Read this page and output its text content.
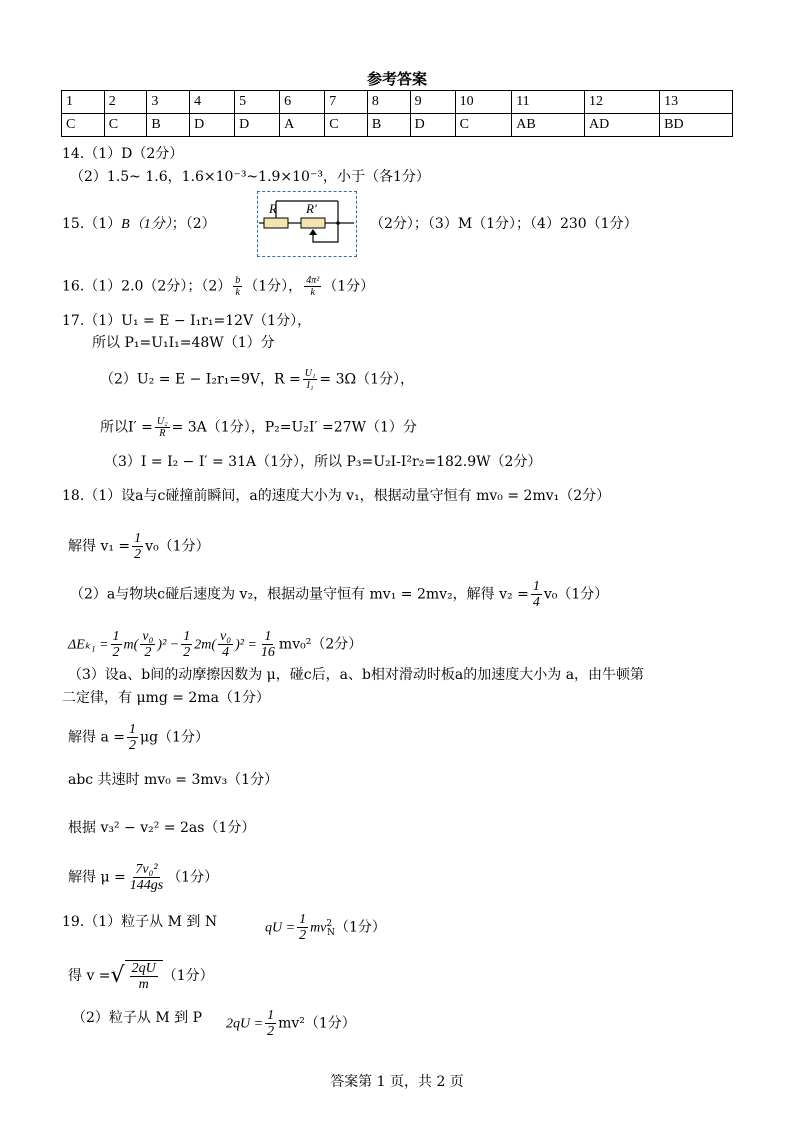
参考答案
1	2	3	4	5	6	7	8	9	10	11	12	13
C	C	B	D	D	A	C	B	D	C	AB	AD	BD
14.（1）D（2分）
（2）1.5~ 1.6，1.6×10⁻³~1.9×10⁻³，小于（各1分）
15.（1）B（1分）；（2）
R R′
（2分）；（3）M（1分）；（4）230（1分）
16.（1）2.0（2分）；$(2) \frac{b}{k} (1$分）， $\frac{\text{4π²}}{k} (1$分）
17.（1）U₁ = E − I₁r₁=12V（1分），
所以 P₁=U₁I₁=48W（1）分
（2）U₂ = E − I₂r₁=9V，$R = \frac{\text{U₁}}{\text{I₁}} = 3\Omega(1$分），
所以$I' = \frac{\text{U₂}}{R} = 3A(1$分），P₂=U₂I′ =27W（1）分
（3）I = I₂ − I′ = 31A（1分），所以 P₃=U₂I-I²r₂=182.9W（2分）
18.（1）设a与c碰撞前瞬间，a的速度大小为 v₁，根据动量守恒有 mv₀ = 2mv₁（2分）
解得 $v_1 = \frac{1}{2} v_0(1$分）
（2）a与物块c碰后速度为 v₂，根据动量守恒有 mv₁ = 2mv₂，解得 $v_2 = \frac{1}{4} v_0(1$分）
$\Delta E_{k1} = \frac{1}{2} m( \frac{\text{v₀}}{2} )^2 - \frac{1}{2} 2m( \frac{\text{v₀}}{4} )^2 = \frac{1}{16} mv_0^2(2$分）
（3）设a、b间的动摩擦因数为 μ，碰c后，a、b相对滑动时板a的加速度大小为 a，由牛顿第
二定律，有 μmg = 2ma（1分）
解得 $a = \frac{1}{2} \mu g(1$分）
abc 共速时 mv₀ = 3mv₃（1分）
根据 v₃² − v₂² = 2as（1分）
解得 $\mu = \frac{\text{7v₀²}}{144gs} (1$分）
19.（1）粒子从 M 到 N	qU = $\frac{1}{2} mv^2_N(1$分）
得 v = √ $\frac{2qU}{m} (1$分）
（2）粒子从 M 到 P $2qU = \frac{1}{2} mv^2(1$分）
答案第 1 页，共 2 页
